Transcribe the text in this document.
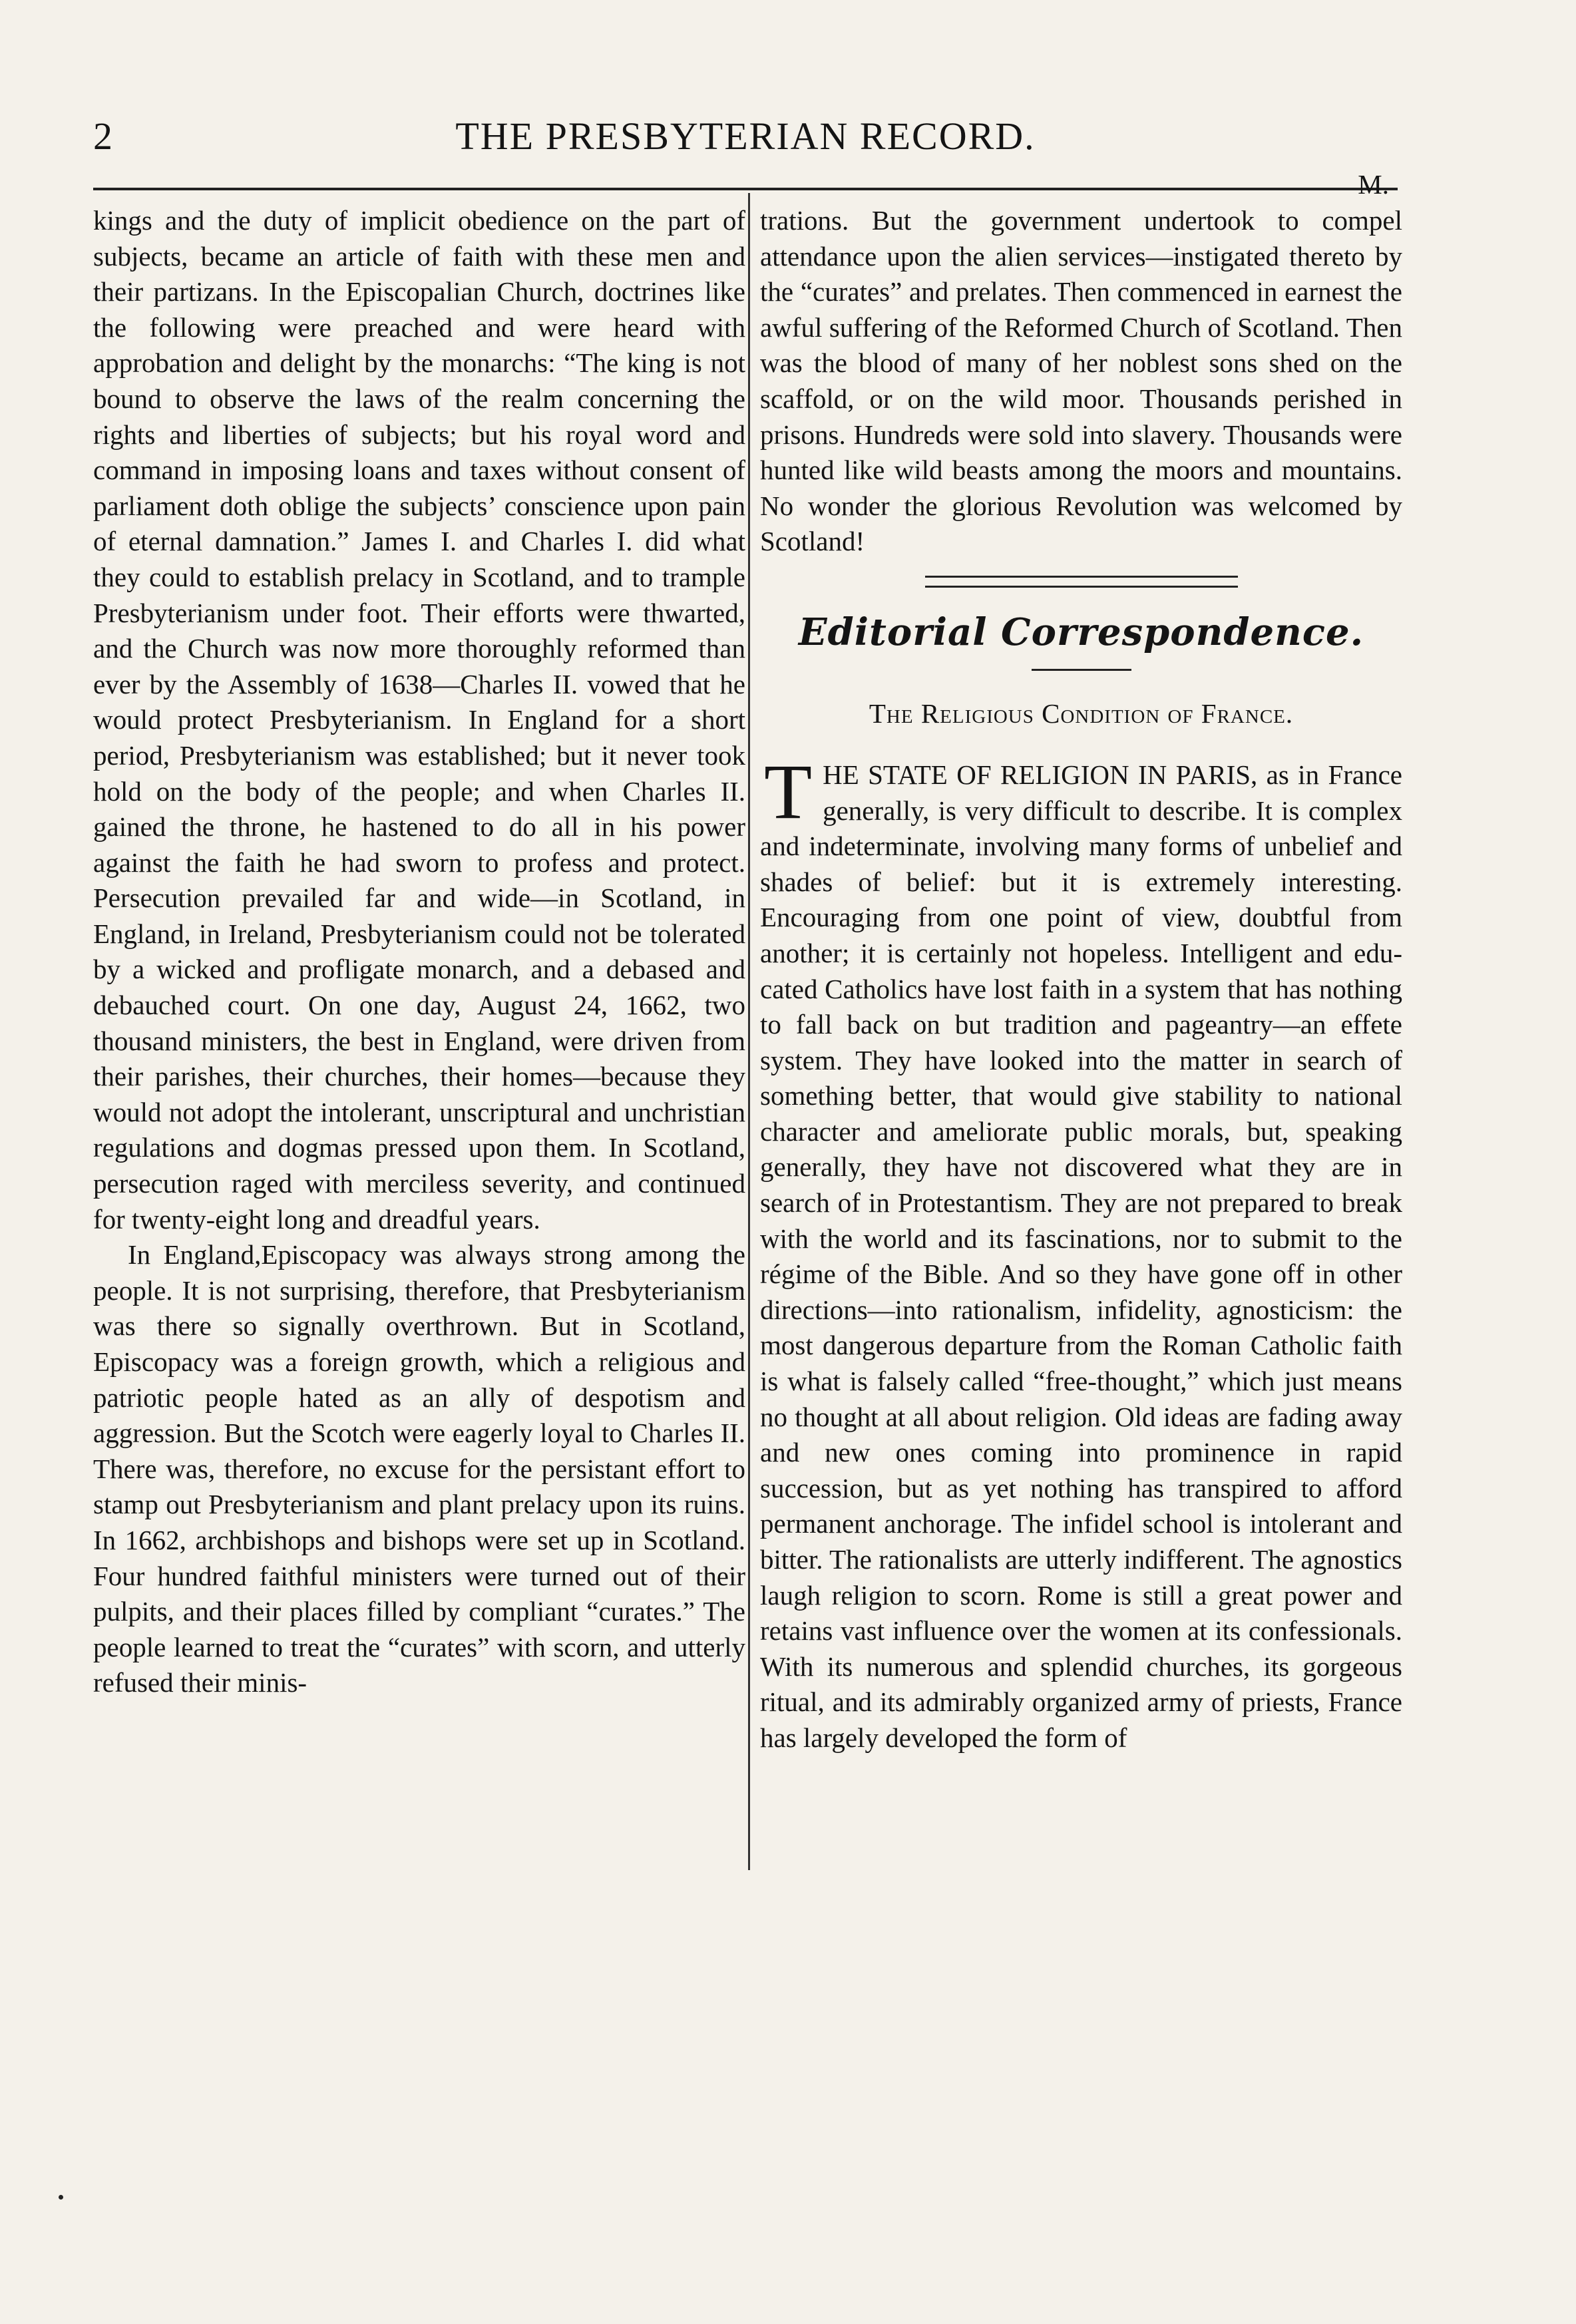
2	THE PRESBYTERIAN RECORD.

kings and the duty of implicit obedience on the part of subjects, became an article of faith with these men and their partizans. In the Episcopalian Church, doctrines like the following were preached and were heard with approbation and delight by the monarchs: “The king is not bound to observe the laws of the realm concerning the rights and liberties of subjects; but his royal word and command in imposing loans and taxes without consent of parliament doth oblige the subjects’ conscience upon pain of eternal damnation.” James I. and Charles I. did what they could to establish prelacy in Scotland, and to trample Presbyterianism under foot. Their efforts were thwarted, and the Church was now more thoroughly reformed than ever by the Assembly of 1638—Charles II. vowed that he would protect Presbyterianism. In England for a short period, Presbyterianism was established; but it never took hold on the body of the people; and when Charles II. gained the throne, he hastened to do all in his power against the faith he had sworn to profess and protect. Persecution prevailed far and wide—in Scotland, in England, in Ireland, Presbyterianism could not be tolerated by a wicked and profligate monarch, and a debased and debauched court. On one day, August 24, 1662, two thousand ministers, the best in England, were driven from their parishes, their churches, their homes—because they would not adopt the intolerant, unscriptural and unchristian regulations and dogmas pressed upon them. In Scotland, persecution raged with merciless severity, and continued for twenty-eight long and dreadful years.

In England,Episcopacy was always strong among the people. It is not surprising, therefore, that Presbyterianism was there so signally overthrown. But in Scotland, Episcopacy was a foreign growth, which a religious and patriotic people hated as an ally of despotism and aggression. But the Scotch were eagerly loyal to Charles II. There was, therefore, no excuse for the persistant effort to stamp out Presbyterianism and plant prelacy upon its ruins. In 1662, archbishops and bishops were set up in Scotland. Four hundred faithful ministers were turned out of their pulpits, and their places filled by compliant “curates.” The people learned to treat the “curates” with scorn, and utterly refused their minis-

trations. But the government undertook to compel attendance upon the alien services—instigated thereto by the “curates” and prelates. Then commenced in earnest the awful suffering of the Reformed Church of Scotland. Then was the blood of many of her noblest sons shed on the scaffold, or on the wild moor. Thousands perished in prisons. Hundreds were sold into slavery. Thousands were hunted like wild beasts among the moors and mountains. No wonder the glorious Revolution was welcomed by Scotland!

M.
Editorial Correspondence.
The Religious Condition of France.
T HE STATE OF RELIGION IN PARIS, as in France generally, is very difficult to describe. It is complex and indeterminate, involving many forms of unbelief and shades of belief: but it is extremely interesting. Encouraging from one point of view, doubtful from another; it is certainly not hopeless. Intelligent and educated Catholics have lost faith in a system that has nothing to fall back on but tradition and pageantry—an effete system. They have looked into the matter in search of something better, that would give stability to national character and ameliorate public morals, but, speaking generally, they have not discovered what they are in search of in Protestantism. They are not prepared to break with the world and its fascinations, nor to submit to the régime of the Bible. And so they have gone off in other directions—into rationalism, infidelity, agnosticism: the most dangerous departure from the Roman Catholic faith is what is falsely called “free-thought,” which just means no thought at all about religion. Old ideas are fading away and new ones coming into prominence in rapid succession, but as yet nothing has transpired to afford permanent anchorage. The infidel school is intolerant and bitter. The rationalists are utterly indifferent. The agnostics laugh religion to scorn. Rome is still a great power and retains vast influence over the women at its confessionals. With its numerous and splendid churches, its gorgeous ritual, and its admirably organized army of priests, France has largely developed the form of
